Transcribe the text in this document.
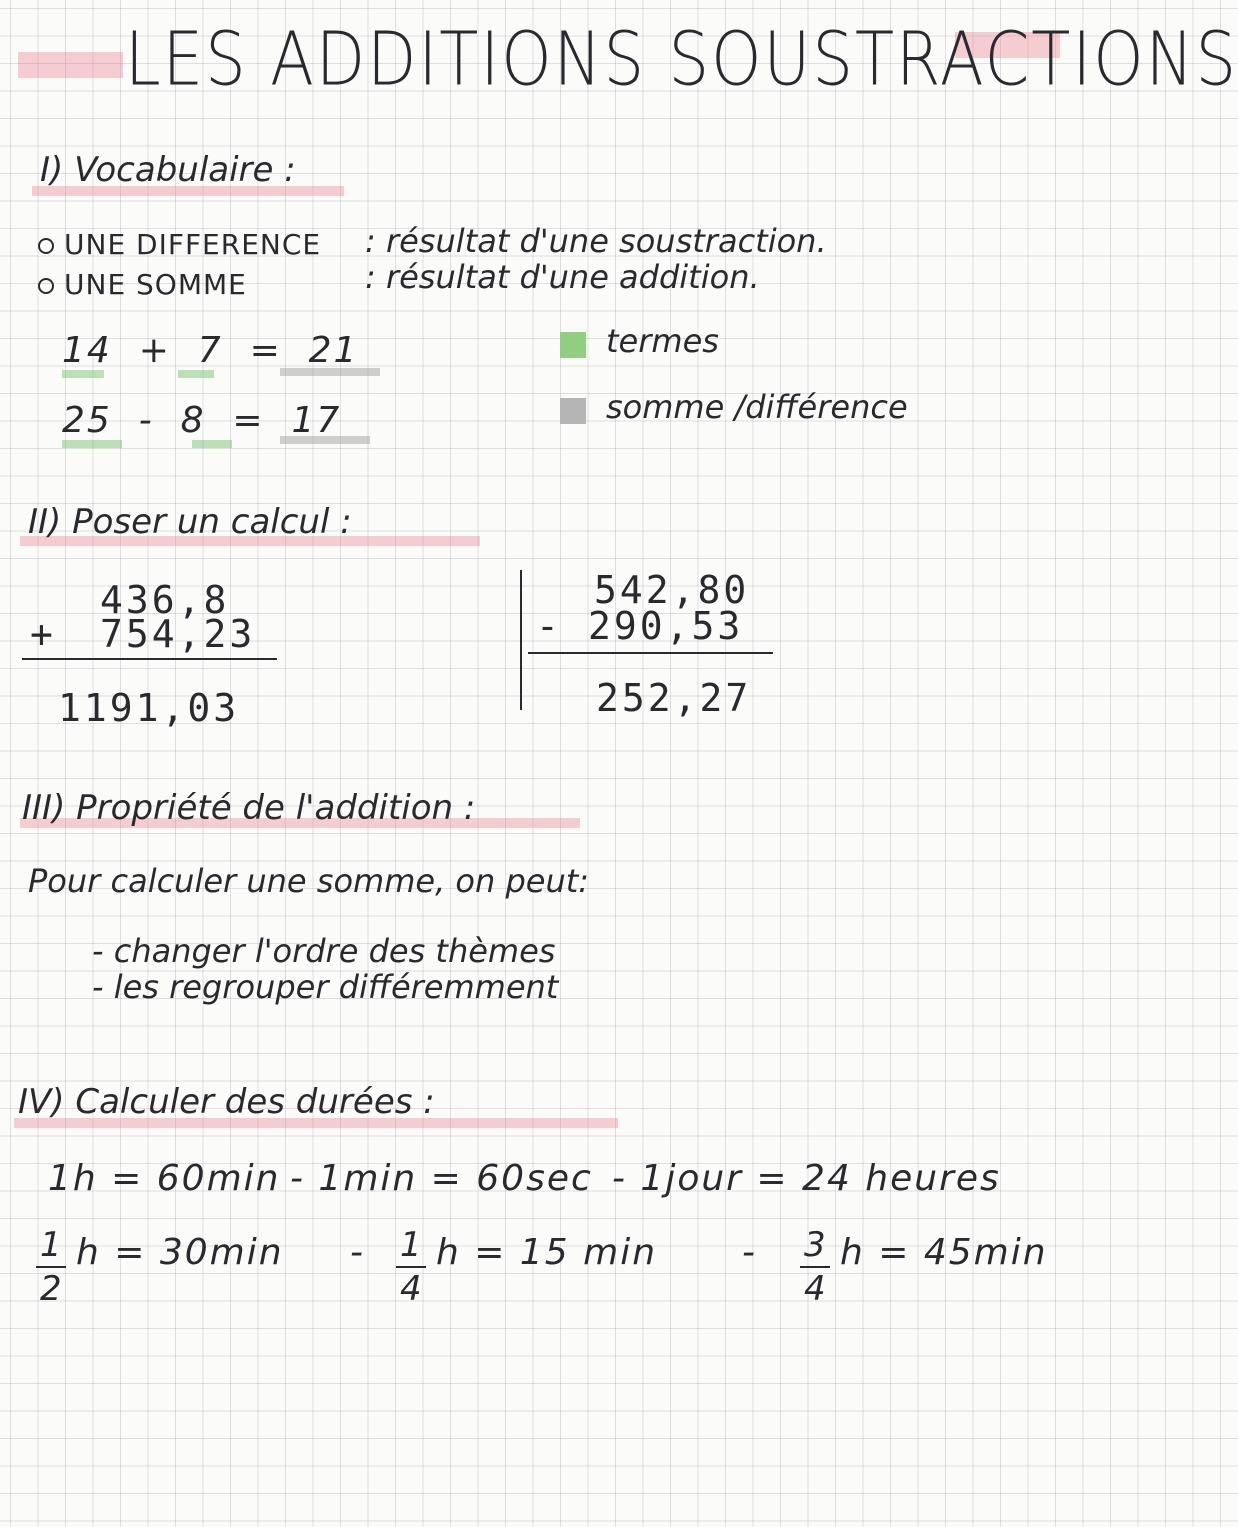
LES ADDITIONS SOUSTRACTIONS
I) Vocabulaire :
UNE DIFFERENCE : résultat d'une soustraction.
UNE SOMME	: résultat d'une addition.
14 + 7 = 21
25 - 8 = 17
termes
somme /différence
II) Poser un calcul :
436,8
+ 754,23
1191,03
542,80
- 290,53
252,27
III) Propriété de l'addition :
Pour calculer une somme, on peut:
- changer l'ordre des thèmes
- les regrouper différemment
IV) Calculer des durées :
1h = 60min - 1min = 60sec - 1jour = 24 heures
$\frac{1}{2}$ $h = 30\min - \frac{1}{4}$ h = 15 min - $\frac{3}{4}$ h = 45min
